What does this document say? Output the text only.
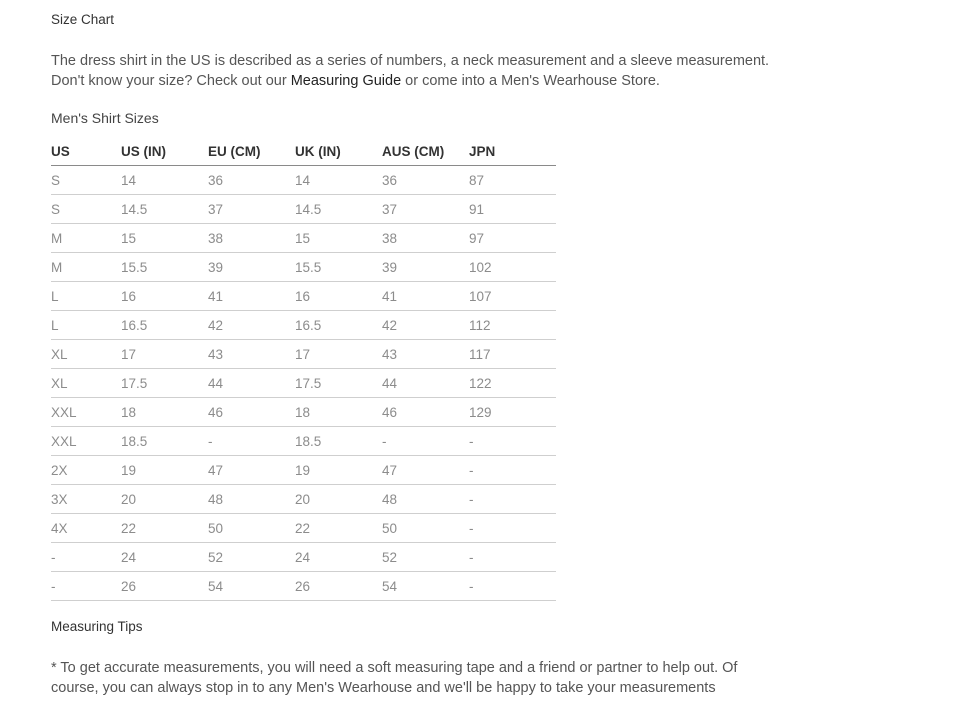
Size Chart
The dress shirt in the US is described as a series of numbers, a neck measurement and a sleeve measurement.
Don't know your size? Check out our Measuring Guide or come into a Men's Wearhouse Store.
Men's Shirt Sizes
US	US (IN)	EU (CM)	UK (IN)	AUS (CM)	JPN
S	14	36	14	36	87
S	14.5	37	14.5	37	91
M	15	38	15	38	97
M	15.5	39	15.5	39	102
L	16	41	16	41	107
L	16.5	42	16.5	42	112
XL	17	43	17	43	117
XL	17.5	44	17.5	44	122
XXL	18	46	18	46	129
XXL	18.5	-	18.5	-	-
2X	19	47	19	47	-
3X	20	48	20	48	-
4X	22	50	22	50	-
-	24	52	24	52	-
-	26	54	26	54	-
Measuring Tips
* To get accurate measurements, you will need a soft measuring tape and a friend or partner to help out. Of
course, you can always stop in to any Men's Wearhouse and we'll be happy to take your measurements
